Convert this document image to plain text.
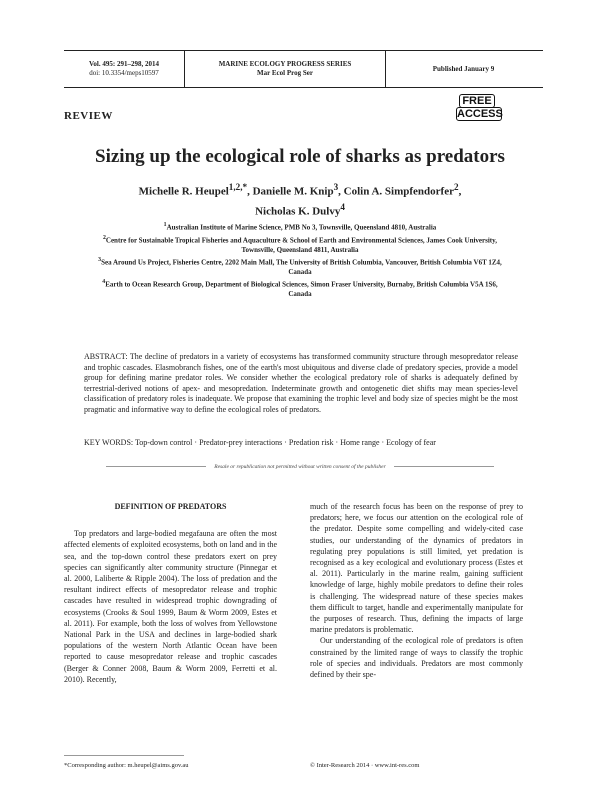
Vol. 495: 291–298, 2014
doi: 10.3354/meps10597
MARINE ECOLOGY PROGRESS SERIES
Mar Ecol Prog Ser
Published January 9
REVIEW
FREE
ACCESS
Sizing up the ecological role of sharks as predators
Michelle R. Heupel$^{1,2,*}$, Danielle M. Knip$^3$, Colin A. Simpfendorfer$^2$,
Nicholas K. Dulvy$^4$
$^1$Australian Institute of Marine Science, PMB No 3, Townsville, Queensland 4810, Australia
$^2$Centre for Sustainable Tropical Fisheries and Aquaculture & School of Earth and Environmental Sciences, James Cook University, Townsville, Queensland 4811, Australia
$^3$Sea Around Us Project, Fisheries Centre, 2202 Main Mall, The University of British Columbia, Vancouver, British Columbia V6T 1Z4, Canada
$^4$Earth to Ocean Research Group, Department of Biological Sciences, Simon Fraser University, Burnaby, British Columbia V5A 1S6, Canada
ABSTRACT: The decline of predators in a variety of ecosystems has transformed community structure through mesopredator release and trophic cascades. Elasmobranch fishes, one of the earth's most ubiquitous and diverse clade of predatory species, provide a model group for defining marine predator roles. We consider whether the ecological predatory role of sharks is adequately defined by terrestrial-derived notions of apex- and mesopredation. Indeterminate growth and ontogenetic diet shifts may mean species-level classification of predatory roles is inadequate. We propose that examining the trophic level and body size of species might be the most pragmatic and informative way to define the ecological roles of predators.
KEY WORDS: Top-down control · Predator-prey interactions · Predation risk · Home range · Ecology of fear
Resale or republication not permitted without written consent of the publisher
DEFINITION OF PREDATORS

Top predators and large-bodied megafauna are often the most affected elements of exploited ecosystems, both on land and in the sea, and the top-down control these predators exert on prey species can significantly alter community structure (Pinnegar et al. 2000, Laliberte & Ripple 2004). The loss of predation and the resultant indirect effects of mesopredator release and trophic cascades have resulted in widespread trophic downgrading of ecosystems (Crooks & Soul 1999, Baum & Worm 2009, Estes et al. 2011). For example, both the loss of wolves from Yellowstone National Park in the USA and declines in large-bodied shark populations of the western North Atlantic Ocean have been reported to cause mesopredator release and trophic cascades (Berger & Conner 2008, Baum & Worm 2009, Ferretti et al. 2010). Recently,

much of the research focus has been on the response of prey to predators; here, we focus our attention on the ecological role of the predator. Despite some compelling and widely-cited case studies, our understanding of the dynamics of predators in regulating prey populations is still limited, yet predation is recognised as a key ecological and evolutionary process (Estes et al. 2011). Particularly in the marine realm, gaining sufficient knowledge of large, highly mobile predators to define their roles is challenging. The widespread nature of these species makes them difficult to target, handle and experimentally manipulate for the purposes of research. Thus, defining the impacts of large marine predators is problematic.

Our understanding of the ecological role of predators is often constrained by the limited range of ways to classify the trophic role of species and individuals. Predators are most commonly defined by their spe-

*Corresponding author: m.heupel@aims.gov.au	© Inter-Research 2014 · www.int-res.com
